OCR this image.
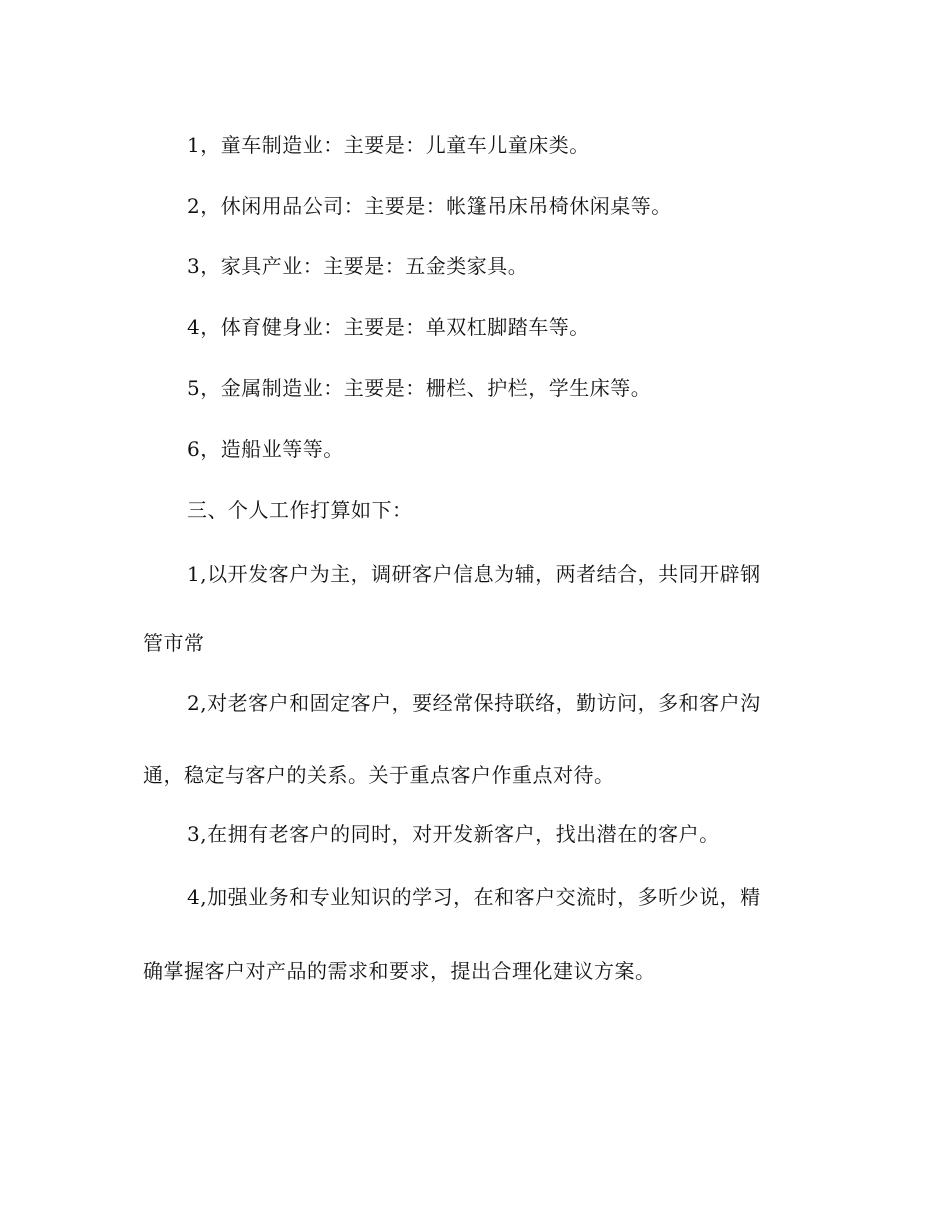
1，童车制造业：主要是：儿童车儿童床类。
2，休闲用品公司：主要是：帐篷吊床吊椅休闲桌等。
3，家具产业：主要是：五金类家具。
4，体育健身业：主要是：单双杠脚踏车等。
5，金属制造业：主要是：栅栏、护栏，学生床等。
6，造船业等等。
三、个人工作打算如下：
1,以开发客户为主，调研客户信息为辅，两者结合，共同开辟钢
管市常
2,对老客户和固定客户，要经常保持联络，勤访问，多和客户沟
通，稳定与客户的关系。关于重点客户作重点对待。
3,在拥有老客户的同时，对开发新客户，找出潜在的客户。
4,加强业务和专业知识的学习，在和客户交流时，多听少说，精
确掌握客户对产品的需求和要求，提出合理化建议方案。
